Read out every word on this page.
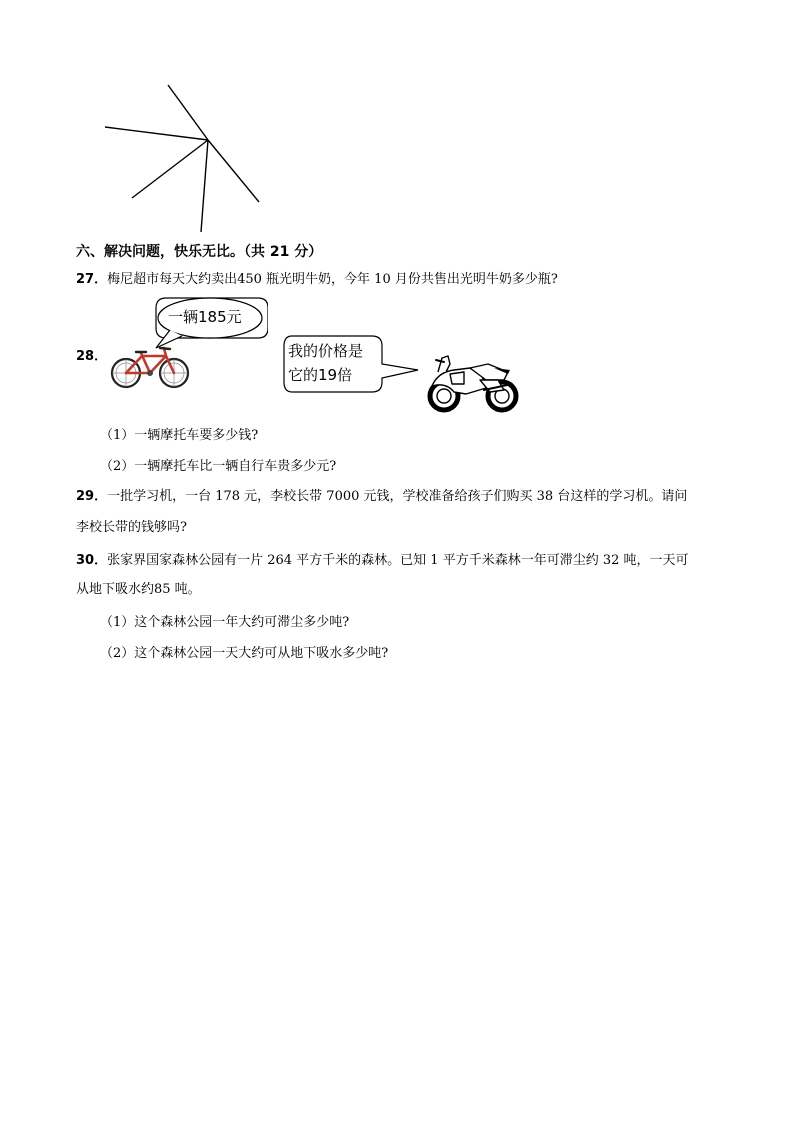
六、解决问题，快乐无比。（共 21 分）
27．梅尼超市每天大约卖出450 瓶光明牛奶，今年 10 月份共售出光明牛奶多少瓶?
28．
一辆185元
我的价格是
它的19倍
（1）一辆摩托车要多少钱?
（2）一辆摩托车比一辆自行车贵多少元?
29．一批学习机，一台 178 元，李校长带 7000 元钱，学校准备给孩子们购买 38 台这样的学习机。请问
李校长带的钱够吗?
30．张家界国家森林公园有一片 264 平方千米的森林。已知 1 平方千米森林一年可滞尘约 32 吨，一天可
从地下吸水约85 吨。
（1）这个森林公园一年大约可滞尘多少吨?
（2）这个森林公园一天大约可从地下吸水多少吨?
